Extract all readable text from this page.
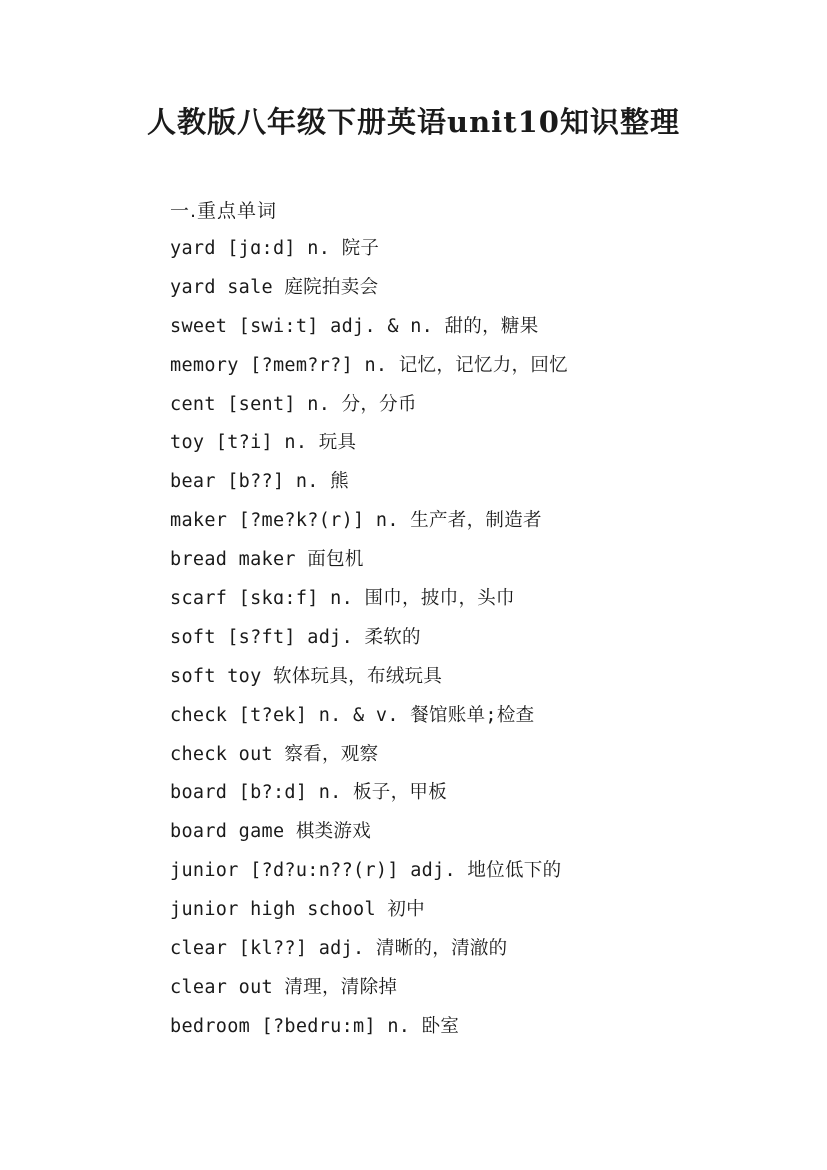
人教版八年级下册英语unit10知识整理

一.重点单词

yard [jɑ:d] n. 院子
yard sale 庭院拍卖会
sweet [swi:t] adj. & n. 甜的，糖果
memory [?mem?r?] n. 记忆，记忆力，回忆
cent [sent] n. 分，分币
toy [t?i] n. 玩具
bear [b??] n. 熊
maker [?me?k?(r)] n. 生产者，制造者
bread maker 面包机
scarf [skɑ:f] n. 围巾，披巾，头巾
soft [s?ft] adj. 柔软的
soft toy 软体玩具，布绒玩具
check [t?ek] n. & v. 餐馆账单;检查
check out 察看，观察
board [b?:d] n. 板子，甲板
board game 棋类游戏
junior [?d?u:n??(r)] adj. 地位低下的
junior high school 初中
clear [kl??] adj. 清晰的，清澈的
clear out 清理，清除掉
bedroom [?bedru:m] n. 卧室
